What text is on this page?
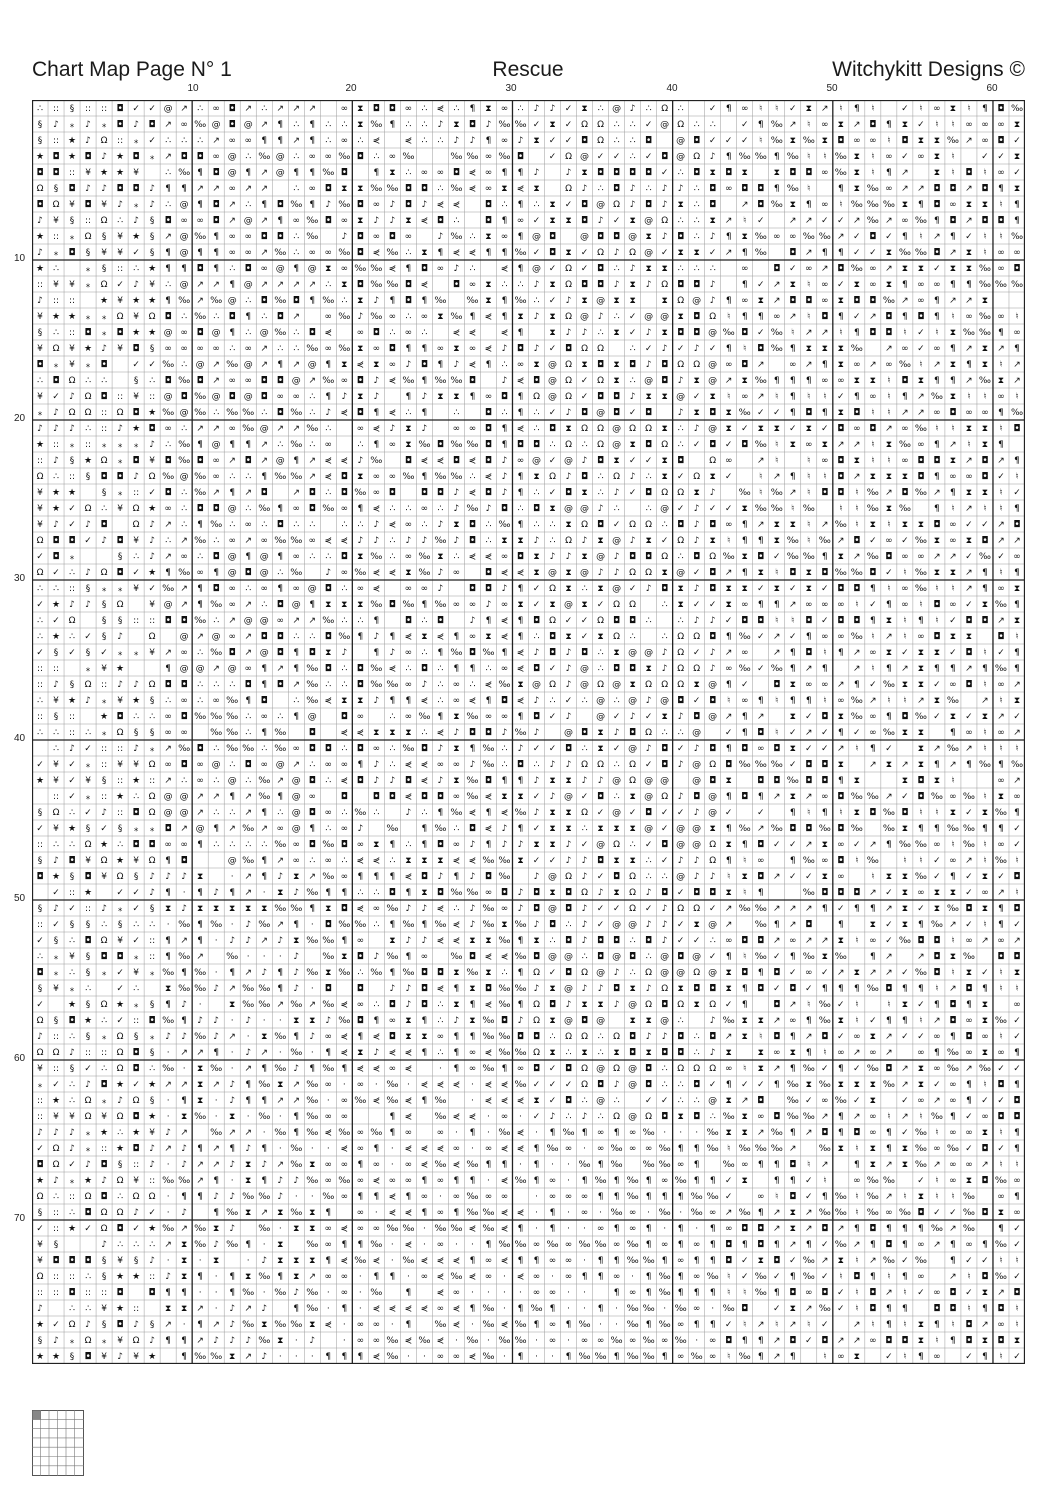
Chart Map Page N° 1	Rescue	Witchykitt Designs ©
10	20	30	40	50	60
10
20
30
40
50
60
70
∴ :: § :: :: ◘ ✓ ✓ @ ↗ ∴ ∞ ◘ ↗ ∴ ↗ ↗ ↗	∞ ⧗ ◘ ◘ ∞ ∴ ⋞ ∴ ¶ ⧗ ∞ ∴ ♪ ♪ ✓ ⧗ ∴ @ ♪ ∴ Ω ∴	✓ ¶ ∞ ♮ ♮ ✓ ⧗ ↗ ♮ ¶ ♮	✓ ♮ ∞ ⧗ ♮ ¶ ◘ ‰
§ ♪ ⁎ ♪ ⁎ ◘ ♪ ◘ ↗ ∞ ‰ @ ◘ @ ↗ ¶ ∴ ¶ ∴ ∴ ⧗ ‰ ¶ ∴ ∴ ♪ ⧗ ◘ ♪ ‰ ‰ ✓ ⧗ ✓ Ω Ω ∴ ∴ ✓ @ Ω ∴ ∴	✓ ¶ ‰ ↗ ♮ ∞ ⧗ ↗ ◘ ¶ ⧗ ✓ ♮ ♮ ∞ ∞ ∞ ⧗
§ :: ★ ♪ Ω :: ⁎ ✓ ∴ ∴ ∴ ↗ ∞ ∞ ¶ ¶ ↗ ¶ ∴ ∞ ∴ ⋞	⋞ ∴ ∴ ♪ ♪ ¶ ∞ ♪ ⧗ ✓ ✓ ◘ Ω ∴ ∴ ◘	@ ◘ ✓ ✓ ✓ ♮ ‰ ⧗ ‰ ⧗ ◘ ∞ ∞ ♮ ◘ ⧗ ⧗ ‰ ↗ ∞ ◘ ✓
★ ◘ ★ ◘ ♪ ★ ◘ ⁎ ↗ ◘ ◘ ∞ @ ∴ ‰ @ ∴ ∞ ∞ ‰ ◘ ∴ ∞ ‰	‰ ‰ ∞ ‰ ◘	✓ Ω @ ✓ ✓ ∴ ✓ ◘ @ Ω ♪ ¶ ‰ ‰ ¶ ‰ ♮ ♮ ‰ ⧗ ♮ ∞ ✓ ∞ ⧗ ♮	✓ ✓ ⧗
◘ ◘ :: ¥ ★ ★ ¥	∴ ‰ ¶ ◘ @ ¶ ↗ @ ¶ ¶ ‰ ◘	¶ ⧗ ∴ ∞ ∞ ◘ ⋞ ∞ ¶ ¶ ♪	♪ ⧗ ◘ ◘ ◘ ◘ ✓ ∴ ◘ ⧗ ◘ ⧗	⧗ ◘ ◘ ∞ ‰ ⧗ ♮ ¶ ↗	⧗ ♮ ◘ ♮ ∞ ✓
Ω § ◘ ♪ ♪ ◘ ◘ ♪ ¶ ¶ ↗ ↗ ∞ ↗ ↗	∴ ∞ ◘ ⧗ ⧗ ‰ ‰ ◘ ◘ ∴ ‰ ⋞ ∞ ⧗ ⋞ ⧗	Ω ♪ ∴ ◘ ♪ ∴ ♪ ♪ ∴ ◘ ∞ ◘ ◘ ¶ ‰ ♮	¶ ⧗ ‰ ∞ ↗ ↗ ◘ ◘ ↗ ◘ ¶ ⧗
◘ Ω ¥ ◘ ¥ ♪ ⁎ ♪ ∴ @ ¶ ◘ ↗ ∴ ¶ ◘ ‰ ¶ ♪ ‰ ◘ ∞ ♪ ◘ ♪ ⋞ ⋞	◘ ∴ ¶ ∴ ⧗ ✓ ◘ @ Ω ♪ ◘ ♪ ⧗ ∴ ◘	↗ ◘ ‰ ⧗ ¶ ∞ ♮ ‰ ‰ ‰ ⧗ ¶ ◘ ∞ ⧗ ⧗ ♮ ¶
♪ ¥ § :: Ω ∴ ♪ § ◘ ∞ ∞ ◘ ↗ @ ↗ ¶ ∞ ‰ ◘ ∞ ⧗ ♪ ♪ ⧗ ⋞ ◘ ∴	◘ ¶ ∞ ✓ ⧗ ⧗ ◘ ♪ ✓ ⧗ @ Ω ∴ ∴ ⧗ ↗ ♮ ✓	↗ ↗ ✓ ✓ ↗ ‰ ↗ ∞ ‰ ¶ ◘ ↗ ◘ ◘ ¶
★ :: ⁎ Ω § ¥ ★ § ↗ @ ‰ ¶ ∞ ∞ ◘ ◘ ∴ ‰	♪ ◘ ∞ ◘ ∞	♪ ‰ ∴ ⧗ ∞ ¶ @ ◘	@ ◘ ◘ @ ⧗ ♪ ◘ ∴ ♪ ¶ ⧗ ‰ ∞ ∞ ‰ ‰ ↗ ✓ ◘ ✓ ¶ ♮ ↗ ¶ ✓ ♮ ♮ ‰
♪ ⁎ ◘ § ¥ ¥ ✓ § ¶ @ ¶ ¶ ∞ ∞ ↗ ‰ ∴ ∞ ∞ ‰ ◘ ⋞ ‰ ∴ ⧗ ¶ ⋞ ⋞ ¶ ¶ ‰ ✓ ◘ ⧗ ✓ Ω ♪ Ω @ ✓ ⧗ ⧗ ✓ ↗ ¶ ‰ ◘ ↗ ¶ ¶ ✓ ✓ ⧗ ‰ ‰ ◘ ↗ ⧗ ♮ ∞ ∞
★ ∴	⁎ § :: ∴ ★ ¶ ¶ ◘ ¶ ∴ ◘ ∞ @ ¶ @ ⧗ ∞ ‰ ‰ ⋞ ¶ ◘ ∞ ♪ ∴	⋞ ¶ @ ✓ Ω ✓ ◘ ∴ ♪ ⧗ ⧗ ∴ ∴ ∴	∞	◘ ✓ ∞ ↗ ◘ ‰ ∞ ↗ ⧗ ⧗ ✓ ⧗ ⧗ ‰ ∞ ◘
:: ¥ ¥ ⁎ Ω ✓ ♪ ¥ ∴ @ ↗ ↗ ¶ @ ↗ ↗ ↗ ↗ ∴ ⧗ ◘ ‰ ‰ ◘ ⋞	◘ ∞ ⧗ ∴ ∴ ♪ ⧗ Ω ◘ ◘ ♪ ⧗ ♪ Ω ◘ ◘ ♪	¶ ✓ ↗ ⧗ ♮ ∞ ✓ ⧗ ∞ ⧗ ¶ ∞ ∞ ¶ ¶ ‰ ‰ ‰
♪ :: ::	★ ¥ ★ ★ ¶ ‰ ↗ ‰ @ ∴ ◘ ‰ ◘ ¶ ‰ ∴ ⧗ ♪ ¶ ◘ ¶ ‰ ‰ ⧗ ¶ ‰ ∴ ✓ ♪ ⧗ @ ⧗ ⧗	⧗ Ω @ ♪ ¶ ∞ ⧗ ↗ ◘ ◘ ∞ ⧗ ◘ ◘ ‰ ↗ ∞ ¶ ↗ ↗ ⧗
¥ ★ ★ ⁎ ⁎ Ω ¥ Ω ◘ ∴ ‰ ∴ ◘ ¶ ∴ ◘ ↗	∞ ‰ ♪ ‰ ∞ ∴ ∞ ⧗ ‰ ¶ ⋞ ¶ ⧗ ♪ ⧗ Ω @ ♪ ∴ ✓ @ @ ⧗ ◘ Ω ♮ ¶ ¶ ∞ ↗ ♮ ◘ ¶ ✓ ↗ ◘ ¶ ◘ ¶ ♮ ∞ ‰ ∞ ♮
§ ∴ :: ◘ ⁎ ◘ ★ ★ @ ∞ ◘ @ ¶ ∴ @ ‰ ∴ ◘ ⋞	∞ ◘ ∴ ∞ ∴	⋞ ⋞	⋞ ¶	⧗ ♪ ♪ ∴ ⧗ ✓ ♪ ⧗ ◘ ◘ @ ‰ ◘ ✓ ‰ ♮ ↗ ↗ ♮ ¶ ◘ ◘ ♮ ✓ ♮ ⧗ ‰ ‰ ¶ ∞
¥ Ω ¥ ★ ♪ ¥ ◘ § ∞ ∞ ∞ ∞ ∴ ∞ ↗ ∴ ∴ ‰ ∞ ‰ ⧗ ∞ ◘ ¶ ¶ ∞ ⧗ ∞ ⋞ ♪ ◘ ♪ ✓ ◘ Ω Ω	∴ ✓ ♪ ✓ ♪ ✓ ¶ ♮ ◘ ‰ ¶ ⧗ ⧗ ⧗ ‰ ↗ ∞ ✓ ∞ ¶ ↗ ⧗ ↗ ¶
◘ ⁎ ¥ ⁎ ◘	✓ ✓ ‰ ∴ @ ↗ ‰ @ ↗ ¶ ↗ @ ¶ ⧗ ⋞ ⧗ ∞ ♪ ◘ ¶ ♪ ⋞ ¶ ∴ ∞ ⧗ @ Ω ⧗ ◘ ⧗ ◘ ♪ ◘ Ω Ω @ ∞ ◘ ↗	∞ ↗ ¶ ⧗ ∞ ↗ ∞ ‰ ♮ ↗ ⧗ ¶ ⧗ ♮ ↗
∴ ◘ Ω ∴ ∴	§ ∴ ◘ ‰ ◘ ↗ ∞ ∞ ◘ ◘ @ ↗ ‰ ∞ ◘ ♪ ⋞ ‰ ¶ ‰ ‰ ◘	♪ ⋞ ◘ @ Ω ✓ Ω ⧗ ∴ @ ◘ ♪ ⧗ @ ↗ ⧗ ‰ ¶ ¶ ¶ ∞ ∞ ⧗ ⧗ ♮ ◘ ⧗ ¶ ¶ ↗ ‰ ⧗ ↗
¥ ✓ ♪ Ω ◘ :: ¥ :: @ ◘ ‰ @ ◘ @ ◘ ∞ ∞ ∴ ¶ ♪ ⧗ ♪	¶ ♪ ⧗ ⧗ ¶ ∞ ◘ ¶ Ω @ Ω ✓ ◘ ◘ ♪ ⧗ ⧗ @ ✓ ⧗ ♮ ∞ ↗ ♮ ¶ ♮ ♮ ✓ ¶ ∞ ♮ ¶ ↗ ‰ ⧗ ♮ ♮ ∞ ♮
⁎ ♪ Ω Ω :: Ω ◘ ★ ‰ @ ‰ ∴ ‰ ‰ ∴ ◘ ‰ ∴ ♪ ⋞ ◘ ¶ ⋞ ∴ ¶	∴	◘ ∴ ¶ ∴ ✓ ♪ ◘ @ ◘ ✓ ◘	♪ ⧗ ◘ ⧗ ‰ ✓ ✓ ¶ ◘ ¶ ⧗ ◘ ♮ ♮ ↗ ↗ ∞ ◘ ∞ ∞ ¶ ‰
♪ ♪ ♪ ∴ :: ♪ ★ ◘ ∞ ∴ ↗ ↗ ∞ ‰ @ ↗ ↗ ‰ ∴	∞ ⋞ ♪ ⧗ ♪	∞ ∞ ◘ ¶ ⋞ ∴ ◘ ⧗ Ω Ω @ Ω Ω ⧗ ∴ ♪ @ ⧗ ✓ ⧗ ⧗ ✓ ⧗ ✓ ◘ ∞ ◘ ↗ ∞ ‰ ♮ ♮ ⧗ ⧗ ♮ ◘
★ :: ⁎ :: ⁎ ⁎ ⁎ ♪ ∴ ‰ ¶ @ ¶ ¶ ↗ ∴ ‰ ∴ ∞	∴ ¶ ∞ ⧗ ‰ ◘ ‰ ‰ ◘ ¶ ◘ ◘ ∴ Ω ∴ Ω @ ⧗ ◘ Ω ∴ ✓ ◘ ✓ ◘ ‰ ♮ ⧗ ∞ ⧗ ↗ ↗ ♮ ⧗ ‰ ∞ ¶ ↗ ♮ ⧗ ¶
:: ♪ § ★ Ω ⁎ ◘ ¥ ◘ ‰ ◘ ∞ ↗ ◘ ↗ @ ¶ ↗ ⋞ ⋞ ♪ ‰ ◘ ⋞ ⋞ ◘ ⋞ ◘ ♪ ∞ @ ✓ @ ♪ ◘ ⧗ ✓ ✓ ⧗ ◘	Ω ∞	↗ ♮	♮ ∞ ◘ ⧗ ♮ ♮ ∞ ◘ ◘ ⧗ ↗ ◘ ↗ ¶
Ω ∴ :: § ◘ ◘ ♪ Ω ‰ @ ‰ ∞ ∴ ∴ ¶ ‰ ‰ ↗ ⋞ ◘ ⧗ ∞ ∞ ‰ ¶ ‰ ‰ ∴ ⋞ ♪ ¶ ⧗ Ω ♪ ◘ ∴ Ω ♪ ∴ ⧗ ✓ Ω ⧗ ✓	♮ ↗ ¶ ♮ ♮ ◘ ↗ ⧗ ⧗ ⧗ ◘ ¶ ∞ ∞ ◘ ✓ ♮
¥ ★ ★	§ ⁎ :: ✓ ◘ ∴ ‰ ↗ ¶ ↗ ◘	↗ ◘ ∴ ◘ ‰ ∞ ◘	◘ ◘ ♪ ⋞ ◘ ♪ ¶ ∴ ✓ ◘ ⧗ ∴ ♪ ✓ ◘ Ω Ω ⧗ ♪	‰ ♮ ‰ ↗ ♮ ◘ ◘ ♮ ‰ ↗ ◘ ‰ ↗ ¶ ⧗ ⧗ ♮ ✓
¥ ★ ✓ Ω ∴ ¥ Ω ★ ∞ ∴ ◘ ◘ @ ∴ ‰ ¶ ∞ ◘ ‰ ∞ ¶ ⋞ ∴ ∴ ∞ ∴ ♪ ‰ ♪ ◘ ∴ ◘ ⧗ @ @ ♪ ∴	∴ @ ✓ ♪ ✓ ✓ ⧗ ‰ ‰ ♮ ‰	♮ ♮ ‰ ⧗ ‰	¶ ♮ ↗ ♮ ♮ ¶
¥ ♪ ✓ ♪ ◘	Ω ♪ ↗ ∴ ¶ ‰ ∴ ∞ ∴ ◘ ∴ ∴	∴ ∴ ♪ ⋞ ∞ ∴ ♪ ⧗ ◘ ∴ ‰ ¶ ∴ ∴ ⧗ Ω ◘ ✓ Ω Ω ∴ ◘ ♪ ◘ ∞ ¶ ↗ ⧗ ⧗ ♮ ↗ ‰ ♮ ⧗ ♮ ⧗ ⧗ ◘ ∞ ✓ ✓ ↗ ◘
Ω ◘ ◘ ✓ ♪ ◘ ¥ ♪ ∴ ↗ ‰ ∴ ∞ ↗ ∞ ‰ ‰ ∞ ⋞ ⋞ ♪ ♪ ∴ ♪ ♪ ‰ ♪ ◘ ∴ ⧗ ⧗ ♪ ∴ Ω ♪ ⧗ @ ♪ ⧗ ✓ Ω ♪ ⧗ ♮ ¶ ¶ ⧗ ‰ ♮ ‰ ↗ ◘ ✓ ∞ ✓ ‰ ⧗ ∞ ⧗ ◘ ↗ ↗
✓ ◘ ⁎	§ ∴ ♪ ↗ ∞ ∴ ◘ @ ¶ @ ¶ ∞ ∴ ∴ ◘ ⧗ ‰ ∴ ∞ ‰ ⧗ ∴ ⋞ ⋞ ∞ ◘ ⧗ ♪ ♪ ⧗ @ ♪ ◘ ◘ Ω ∴ ◘ Ω ‰ ⧗ ◘ ✓ ‰ ‰ ¶ ⧗ ↗ ‰ ◘ ∞ ∞ ↗ ↗ ✓ ‰ ✓ ∞
Ω ✓ ∴ ♪ Ω ◘ ✓ ★ ¶ ‰ ∞ ¶ @ ◘ @ ∴ ‰	♪ ∞ ‰ ⋞ ⋞ ⧗ ‰ ♪ ∞	◘ ⋞ ⋞ ⧗ @ ⧗ @ ♪ ♪ Ω Ω ⧗ @ ✓ ◘ ↗ ¶ ⧗ ♮ ◘ ⧗ ◘ ‰ ‰ ◘ ✓ ♮ ‰ ⧗ ⧗ ↗ ¶ ♮ ¶
∴ ∴ :: § ⁎ ⁎ ¥ ✓ ‰ ↗ ¶ ◘ ∞ ∴ ∞ ¶ ∞ @ ◘ ∴ ∞ ⋞	∞ ∞ ♪	◘ ◘ ♪ ¶ ✓ Ω ⧗ ∴ ⧗ @ ✓ ♪ ◘ ⧗ ♪ ◘ ⧗ ⧗ ✓ ⧗ ✓ ⧗ ✓ ◘ ◘ ¶ ♮ ∞ ‰ ♮ ♮ ↗ ¶ ∞ ⧗
✓ ★ ♪ ♪ § Ω	¥ @ ↗ ¶ ‰ ∞ ↗ ∴ ◘ @ ¶ ⧗ ⧗ ⧗ ‰ ◘ ‰ ¶ ‰ ∞ ∞ ♪ ∞ ⧗ ✓ ⧗ @ ⧗ ✓ Ω Ω	∴ ⧗ ✓ ✓ ⧗ ∞ ¶ ¶ ↗ ∞ ∞ ∞ ♮ ✓ ¶ ∞ ♮ ◘ ∞ ✓ ⧗ ‰ ¶
∴ ✓ Ω	§ § :: :: ◘ ◘ ‰ ∴ ↗ @ @ ∞ ↗ ↗ ‰ ∴ ∴ ¶	◘ ∴ ◘	♪ ¶ ⋞ ¶ ◘ Ω ✓ ✓ Ω ◘ ◘ ∴	∴ ♪ ♪ ✓ ◘ ◘ ♮ ♮ ◘ ✓ ◘ ◘ ¶ ⧗ ♮ ¶ ♮ ✓ ◘ ◘ ↗ ⧗
∴ ★ ∴ ✓ § ♪	Ω	@ ↗ @ ∞ ↗ ◘ ◘ ∴ ∴ ◘ ‰ ¶ ♪ ¶ ⋞ ⧗ ⋞ ¶ ∞ ⧗ ⋞ ¶ ∴ ◘ ⧗ ✓ ⧗ Ω ∴	∴ Ω Ω ◘ ¶ ‰ ✓ ↗ ✓ ¶ ∞ ∞ ‰ ♮ ↗ ♮ ∞ ◘ ⧗ ⧗	◘ ♮
✓ § ✓ § ✓ ⁎ ⁎ ¥ ↗ ∞ ∴ ‰ ◘ ↗ @ ◘ ¶ ◘ ⧗ ♪	¶ ♪ ∞ ∴ ¶ ‰ ◘ ‰ ¶ ⋞ ♪ ◘ ♪ ◘ ∴ ⧗ @ @ ♪ Ω ✓ ♪ ↗ ∞	↗ ¶ ◘ ♮ ¶ ↗ ∞ ⧗ ✓ ⧗ ⧗ ✓ ◘ ♮ ✓ ¶
:: ::	⁎ ¥ ★	¶ @ @ ↗ @ ∞ ¶ ↗ ¶ ‰ ◘ ∴ ◘ ‰ ⋞ ∴ ◘ ∴ ¶ ¶ ∴ ∞ ⋞ ◘ ✓ ♪ @ ∴ ◘ ◘ ⧗ ♪ Ω Ω ♪ ∞ ‰ ✓ ‰ ¶ ↗ ¶	↗ ♮ ¶ ↗ ⧗ ¶ ¶ ↗ ¶ ‰ ¶
:: ♪ § Ω :: ♪ ♪ Ω ◘ ◘ ∴ ∴ ∴ ◘ ¶ ◘ ↗ ‰ ∴ ∴ ◘ ‰ ‰ ∞ ♪ ∴ ∞ ∴ ⋞ ‰ ⧗ @ Ω ♪ @ Ω @ ⧗ Ω Ω Ω ⧗ @ ¶ ✓	◘ ⧗ ∞ ∞ ↗ ¶ ✓ ‰ ⧗ ⧗ ✓ ∞ ◘ ♮ ∞ ↗
∴ ¥ ★ ♪ ⁎ ¥ ★ § ∴ ∞ ∴ ∞ ‰ ¶ ◘	∴ ‰ ⋞ ⧗ ⧗ ♪ ¶ ¶ ⋞ ∴ ∞ ⋞ ¶ ◘ ⋞ ♪ ∴ ✓ ∴ @ ∴ @ ♪ @ ◘ ✓ ◘ ♮ ∞ ¶ ♮ ¶ ¶ ♮ ∞ ‰ ↗ ♮ ♮ ↗ ⧗ ‰ ↗ ♮ ⧗
:: § ::	★ ◘ ∴ ∴ ∞ ◘ ‰ ‰ ‰ ∴ ∞ ∴ ¶ @	◘ ∞	∴ ∞ ‰ ¶ ⧗ ‰ ∞ ∞ ¶ ◘ ✓ ♪	@ ✓ ♪ ✓ ⧗ ♪ ◘ @ ↗ ¶ ↗	⧗ ✓ ◘ ⧗ ‰ ∞ ¶ ◘ ‰ ✓ ⧗ ✓ ⧗ ↗ ✓
∴ ∴ :: ∴ ⁎ Ω § § ∞ ∞ ‰ ‰ ∴ ¶ ‰ ◘	⋞ ⋞ ⧗ ⧗ ⧗ ∴ ⋞ ♪ ◘ ◘ ♪ ‰ ♪	@ ◘ ⧗ ♪ ◘ Ω ∴ ∴ @	✓ ¶ ◘ ♮ ✓ ↗ ✓ ¶ ✓ ∞ ‰ ⧗ ⧗	¶ ∞ ♮ ∞ ↗
∴ ♪ ✓ :: :: ♪ ⁎ ↗ ‰ ◘ ∴ ‰ ‰ ∴ ‰ ∞ ◘ ◘ ∴ ◘ ∞ ∴ ‰ ◘ ♪ ⧗ ¶ ‰ ∴ ♪ ✓ ✓ ◘ ∴ ⧗ ✓ @ ♪ ◘ ✓ ♪ ◘ ¶ ◘ ∞ ◘ ⧗ ✓ ✓ ↗ ♮ ¶ ✓	⧗ ↗ ‰ ↗ ♮ ♮ ♮
✓ ¥ ✓ ⁎ :: ¥ ¥ Ω ∞ ◘ ∞ @ ∴ ◘ ∞ @ ↗ ∴ ∞ ∞ ¶ ♪ ∴ ⋞ ⋞ ∞ ∞ ♪ ‰ ∴ ◘ ∴ ♪ ♪ Ω Ω ∴ Ω ✓ ◘ ♪ @ Ω ◘ ‰ ‰ ‰ ✓ ◘ ◘ ⧗	↗ ⧗ ↗ ⧗ ¶ ↗ ¶ ‰ ¶ ‰
★ ¥ ✓ ¥ § :: ★ :: ↗ ∴ ∞ ∴ @ ∴ ‰ ↗ @ ◘ ∴ ⋞ ◘ ♪ ♪ ◘ ⋞ ♪ ⧗ ‰ ◘ ¶ ¶ ♪ ⧗ ⧗ ♪ ♪ @ Ω @ @	@ ◘ ⧗	◘ ◘ ‰ ◘ ◘ ¶ ⧗	⧗ ◘ ⧗ ♮	∞ ↗
:: ✓ ⁎ :: ★ ∴ Ω @ @ ↗ ↗ ¶ ↗ ‰ ¶ @ ∞	◘	◘ ◘ ⋞ ◘ ◘ ∞ ‰ ⋞ ⧗ ⧗ ✓ ♪ @ ✓ ◘ ∴ ⧗ @ Ω ♪ ◘ @ ¶ ◘ ¶ ↗ ⧗ ↗ ∞ ◘ ‰ ‰ ↗ ✓ ◘ ‰ ∞ ‰ ♮ ⧗ ∞
§ Ω ∴ ✓ ♪ :: ◘ Ω @ @ ↗ ∴ ∴ ↗ ¶ ∴ @ ◘ ∞ ∴ ‰ ∴	♪ ∴ ¶ ‰ ⋞ ¶ ⋞ ‰ ♪ ⧗ ⧗ Ω ✓ @ ✓ ◘ ✓ ✓ ♪ @ ✓	✓	¶ ♮ ¶ ♮ ⧗ ◘ ‰ ◘ ♮ ♮ ⧗ ✓ ⧗ ‰ ¶
✓ ¥ ★ § ✓ § ⁎ ⁎ ◘ ↗ @ ¶ ↗ ‰ ↗ ∞ @ ¶ ∴ ∞ ♪	‰	¶ ‰ ∴ ◘ ⋞ ♪ ¶ ✓ ⧗ ⧗ ∴ ⧗ ⧗ ⧗ @ ✓ @ @ ⧗ ¶ ‰ ↗ ‰ ◘ ◘ ‰ ◘ ‰ ‰ ⧗ ¶ ¶ ‰ ‰ ¶ ¶ ✓
:: ∴ ∴ Ω ★ ∴ ◘ ◘ ∞ ∞ ¶ ∴ ∴ ∴ ∴ ‰ ∞ ◘ ‰ ◘ ∞ ⧗ ¶ ∴ ¶ ◘ ∞ ♪ ¶ ♪ ♪ ⧗ ⧗ ♪ ✓ @ Ω ∴ ✓ ◘ @ @ Ω ⧗ ¶ ◘ ✓ ✓ ↗ ⧗ ∞ ✓ ↗ ¶ ‰ ‰ ∞ ♮ ‰ ♮ ∞ ✓
§ ♪ ◘ ¥ Ω ★ ¥ Ω ¶ ◘	@ ‰ ¶ ↗ ∞ ∴ ∞ ∴ ⋞ ⋞ ∴ ⧗ ⧗ ⧗ ⋞ ⋞ ‰ ‰ ⧗ ✓ ✓ ♪ ♪ ◘ ⧗ ⧗ ∴ ✓ ♪ ♪ Ω ¶ ♮ ∞	¶ ‰ ∞ ◘ ♮ ‰	♮ ♮ ✓ ∞ ↗ ♮ ‰ ♮
◘ ★ § ◘ ¥ Ω § ♪ ♪ ♪ ⧗	· ↗ ¶ ♪ ⧗ ↗ ‰ ∞ ¶ ¶ ¶ ⋞ ◘ ♪ ¶ ♪ ◘ ‰	♪ @ Ω ♪ ✓ ◘ Ω ∴ ∴ @ ♪ ♪ ♮ ⧗ ◘ ↗ ✓ ✓ ⧗ ∞	♮ ⧗ ⧗ ‰ ✓ ¶ ✓ ⧗ ✓ ◘
✓ :: ★	✓ ✓ ♪ ¶ · ¶ ♪ ¶ ↗ · ⧗ ♪ ‰ ¶ ¶ ∴ ∴ ◘ ¶ ⧗ ◘ ‰ ‰ ∞ ◘ ♪ ◘ ⧗ ◘ Ω ♪ ⧗ Ω ♪ ◘ ✓ ◘ ◘ ⧗ ♮ ¶	‰ ◘ ◘ ◘ ↗ ✓ ⧗ ∞ ⧗ ⧗ ✓ ∞ ↗ ♮
§ ♪ ✓ :: ♪ ⁎ ✓ § ⧗ ♪ ⧗ ⧗ ⧗ ⧗ ⧗ ‰ ‰ ¶ ⧗ ◘ ⋞ ∞ ‰ ♪ ♪ ⋞ ∴ ♪ ‰ ∞ ♪ ◘ @ ◘ ♪ ✓ ✓ Ω ✓ ♪ Ω Ω ✓ ↗ ‰ ‰ ↗ ↗ ↗ ¶ ✓ ¶ ¶ ↗ ⧗ ✓ ⧗ ‰ ◘ ⧗ ¶ ◘
:: ✓ § § ∴ § ∴ ∴ · ‰ ¶ ‰ · ♪ ‰ ↗ ¶ · ◘ ‰ ‰ ∴ ¶ ‰ ¶ ‰ ⋞ ♪ ‰ ⧗ ‰ ♪ ◘ ∴ ♪ ✓ @ @ ♪ ♪ ✓ ⧗ @ ↗ ‰ ¶ ↗ ◘	¶	⧗ ✓ ⧗ ¶ ‰ ↗ ✓ ♮ ¶ ✓
✓ § ∴ ◘ Ω ¥ ✓ :: ¶ ↗ ¶ · ♪ ♪ ↗ ♪ ⧗ ‰ ‰ ¶ ∞	⧗ ♪ ♪ ⋞ ⋞ ⧗ ⧗ ‰ ¶ ⧗ ∴ ◘ ♪ ◘ ◘ ∴ ◘ ♪ ✓ ✓ ∴ ∞ ◘ ◘ ↗ ∞ ↗ ↗ ⧗ ♮ ∞ ✓ ‰ ◘ ◘ ♮ ∞ ↗ ∞ ↗
∴ ⁎ ¥ § ◘ ◘ ⁎ :: ¶ ‰ ↗ ‰ · · · ♪	‰ ⧗ ◘ ♪ ‰ ¶ ∞ ‰ ◘ ⋞ ⋞ ‰ ◘ @ @ ∴ ◘ @ ◘ ∴ @ ◘ @ ✓ ¶ ♮ ‰ ✓ ¶ ‰ ⧗ ‰	¶ ↗	↗ ◘ ⧗ ‰ ◘ ◘
◘ ⁎ ∴ § ⁎ ✓ ¥ ⁎ ‰ ¶ ‰ · ¶ ↗ ♪ ¶ ♪ ‰ ⧗ ‰ ∴ ‰ ¶ ‰ ◘ ◘ ⧗ ‰ ⧗ ∴ ¶ Ω ✓ ◘ Ω @ ♪ ∴ Ω @ @ Ω @ ⧗ ◘ ¶ ◘ ✓ ∞ ✓ ↗ ⧗ ↗ ↗ ✓ ‰ ◘ ♮ ⧗ ✓ ♮ ⧗
§ ¥ ⁎ ∴	✓ ∴	⧗ ‰ ‰ ♪ ↗ ‰ ‰ ¶ ♪ · ◘	◘	♪ ♪ ◘ ⋞ ¶ ⧗ ◘ ‰ ‰ ♪ ⧗ @ ♪ ♪ ◘ ⧗ ♪ Ω ⧗ ◘ ◘ ⧗ ¶ ◘ ✓ ◘ ✓ ¶ ¶ ¶ ‰ ◘ ¶ ¶ ♮ ↗ ◘ ¶ ♮ ♮
✓	★ § Ω ★ ⁎ § ¶ ♪ ·	⧗ ‰ ‰ ↗ ‰ ↗ ‰ ⋞ ∞ ∴ ◘ ♪ ◘ ∴ ⧗ ¶ ⋞ ‰ ¶ Ω ◘ ♪ ⧗ ⧗ ♪ @ Ω ◘ Ω ⧗ Ω ✓ ¶	◘ ↗ ♮ ‰ ✓ ♮	♮ ⧗ ✓ ¶ ◘ ¶ ⧗	∞
Ω § ◘ ★ ∴ ✓ :: ◘ ‰ ¶ ♪ ♪ · ♪ · · ⧗ ⧗ ♪ ‰ ◘ ¶ ∞ ⧗ ¶ ∴ ♪ ⧗ ‰ ◘ ♪ Ω ⧗ @ ◘ @	⧗ ⧗ @ ∴	♪ ‰ ⧗ ⧗ ↗ ∞ ¶ ‰ ⧗ ♮ ✓ ¶ ¶ ♮ ↗ ◘ ∞ ⧗ ‰ ✓
♪ :: ∴ § ⁎ Ω § ⁎ ♪ ♪ ‰ ♪ ↗ · ⧗ ‰ ¶ ♪ ∞ ⋞ ¶ ⋞ ◘ ⧗ ⧗ ∞ ¶ ¶ ‰ ‰ ◘ ◘ ∴ Ω Ω ∴ Ω ◘ ♪ ♪ ◘ ∴ ◘ ↗ ⧗ ♮ ◘ ¶ ↗ ◘ ✓ ∞ ⧗ ↗ ✓ ✓ ∞ ¶ ◘ ∞ ♮ ✓
Ω Ω ♪ :: :: Ω ◘ § · ↗ ↗ ¶ · ♪ ↗ · ‰ · ¶ ⋞ ⧗ ♪ ⋞ ⋞ ¶ ∴ ¶ ∞ ⋞ ‰ ‰ Ω ⧗ ∴ ⧗ ∴ ⧗ ◘ ⧗ ◘ ◘ ∴ ♪ ⧗	⧗ ∞ ⧗ ¶ ♮ ∞ ↗ ∞ ↗	∞ ¶ ‰ ∞ ⧗ ∞ ¶
¥ :: § ✓ ∴ Ω ◘ ∴ ‰ · ⧗ ‰ · ↗ ¶ ‰ ♪ ¶ ‰ ¶ ⋞ ⋞ ∞ ⋞	· ¶ ∞ ‰ ¶ ∞ ◘ ✓ ◘ Ω @ Ω @ ◘ ∴ Ω Ω Ω ∞ ♮ ⧗ ↗ ¶ ‰ ✓ ¶ ✓ ‰ ◘ ↗ ⧗ ∞ ‰ ↗ ‰ ✓ ✓
⁎ ✓ ∴ ♪ ◘ ★ ✓ ★ ↗ ↗ ⧗ ↗ ♪ ¶ ‰ ⧗ ↗ ‰ ∞ · ∞ · ‰ · ⋞ ⋞ ⋞ · ⋞ ⋞ ‰ ✓ ✓ ✓ Ω ◘ ♪ @ ◘ ∴ ∴ ◘ ✓ ¶ ✓ ✓ ¶ ‰ ⧗ ‰ ⧗ ⧗ ⧗ ‰ ↗ ⧗ ✓ ∞ ¶ ♮ ◘ ¶
:: ★ ∴ Ω ⁎ ♪ Ω § · ¶ ⧗ · ♪ ¶ ¶ ↗ ↗ ‰ · ∞ ‰ ⋞ ‰ ⋞ ¶ ‰	· ⋞ ⋞ ⋞ ⧗ ✓ ◘ ∴ @ ∴	✓ ✓ ∴ ∴ @ ⧗ ↗ ◘ ‰ ✓ ∞ ‰ ✓ ⧗	✓ ∞ ↗ ∞ ¶ ✓ ✓ ◘
:: ¥ ¥ Ω ¥ Ω ◘ ★ · ⧗ ‰ · ⧗ · ‰ · ¶ ‰ ∞ ∞	¶ ⋞ ‰ ⋞ ⋞ · ∞ · ✓ ♪ ∴ ♪ ∴ Ω @ Ω ◘ ⧗ ◘ ∴ ‰ ⧗ ∞ ◘ ‰ ‰ ↗ ¶ ↗ ∞ ♮ ↗ ♮ ‰ ¶ ✓ ∞ ◘ ◘
♪ ♪ ♪ ⁎ ★ ∴ ★ ¥ ♪ ↗ ‰ ↗ ↗ · ‰ ¶ ‰ ⋞ ‰ ∞ ‰ ¶ ∞	∞ · ¶ · ‰ ⋞ · ¶ ‰ ¶ ∞ ¶ ∞ ‰ · · · ‰ ⧗ ⧗ ↗ ‰ ¶ ↗ ◘ ¶ ◘ ∞ ¶ ✓ ‰ ♮ ∞ ∞ ⧗ ♮ ¶
✓ Ω ♪ ⁎ :: ★ ◘ ♪ ↗ ♪ ¶ ↗ ¶ ♪ ¶ · ‰ · · ⋞ ∞ ¶ · ⋞ ⋞ ⋞ ∞ · ∞ ⋞ ⋞ ¶ ‰ ∞ · ∞ ‰ ∞ ∞ ‰ ¶ ¶ ‰ ♮ ‰ ‰ ‰ ↗ ‰ ⧗ ♮ ⧗ ¶ ⧗ ‰ ∞ ‰ ✓ ◘ ✓ ¶
◘ Ω ✓ ♪ ◘ § :: ♪ · ♪ ↗ ↗ ♪ ⧗ ♪ ↗ ‰ ⧗ ∞ ∞ ¶ ∞ · ∞ ⋞ ‰ ⋞ ‰ ¶ ¶ · ¶ · · ‰ ¶ ‰ ‰ ‰ ∞ ¶	‰ ∞ ¶ ¶ ◘ ♮ ↗	¶ ⧗ ↗ ⧗ ‰ ↗ ∞ ∞ ↗ ♮ ♮
★ ♪ ⁎ ★ ♪ Ω ¥ :: ‰ ‰ ↗ ¶ · ⧗ ¶ ♪ ♪ ‰ ∞ ‰ ∞ ⋞ ∞ ∞ ¶ ∞ ¶ ¶ · ⋞ ‰ ¶ ∞ · ¶ ‰ ¶ ‰ ¶ ∞ ‰ ¶ ¶ ✓ ⧗	¶ ¶ ✓ ♮	∞ ‰ ‰ ✓ ♮ ∞ ⧗ ◘ ‰ ∞
Ω ∴ :: Ω ◘ ∴ Ω Ω · ¶ ¶ ♪ ♪ ‰ ‰ ♪ · · ‰ ∞ ¶ ¶ ⋞ ¶ ∞ · ∞ ‰ ∞ ∞	· ∞ ∞ ∞ ¶ ¶ ‰ ¶ ¶ ¶ ‰ ‰ ✓	∞ ♮ ◘ ✓ ¶ ‰ ♮ ‰ ↗ ♮ ⧗ ♮ ♮ ‰ ∞ ¶
§ :: ∴ ◘ Ω Ω ♪ ✓ · ♪	¶ ‰ ⧗ ↗ ⧗ ‰ ⧗ ¶	∞ · ⋞ ⋞ ¶ ∞ ¶ ‰ ‰ ⋞ ⋞ · ¶ · ∞ · ‰ ∞ · ‰ · ‰ ∞ ↗ ‰ ¶ ↗ ⧗ ↗ ‰ ‰ ♮ ‰ ∞ ‰ ◘ ✓ ✓ ‰ ◘ ⧗ ∞
✓ :: ★ ✓ Ω ◘ ✓ ★ ‰ ↗ ‰ ⧗ ♪	‰ · ⧗ ⧗ ∞ ⋞ ∞ ∞ ‰ ‰ · ‰ ‰ ⋞ ‰ ⋞ ¶ · ¶ · · ∞ ¶ ∞ ¶ · ¶ · ¶ ∞ ◘ ◘ ↗ ⧗ ↗ ◘ ↗ ¶ ◘ ¶ ¶ ¶ ‰ ↗ ‰	¶ ✓
¥ §	♪ ∴ ∴ ∴ ↗ ⧗ ‰ ♪ ‰ ¶ · ⧗	‰ ∞ ¶ ¶ ‰ · ⋞ · ∞ · · ¶ ‰ ‰ ∞ ‰ ∞ ‰ ‰ ∞ ‰ ¶ ∞ ¶ ∞ ¶ ◘ ¶ ◘ ¶ ↗ ¶ ✓ ‰ ↗ ¶ ◘ ¶ ∞ ↗ ¶ ∞ ¶ ‰ ✓
¥ ◘ ◘ ◘ § ¥ § ♪ · ⧗ · ⧗	· ♪ ⧗ ⧗ ⧗ ¶ ⋞ ‰ ⋞ · ‰ ⋞ ⋞ ⋞ ¶ ∞ ⋞ ¶ ¶ ∞ ∞ · ¶ ¶ ‰ ‰ ¶ ∞ ¶ ¶ ◘ ✓ ⧗ ◘ ✓ ‰ ↗ ⧗ ♮ ↗ ‰ ✓ ‰	¶ ✓ ✓ ♮ ♮
Ω :: :: ∴ § ★ ★ :: ♪ ⧗ ¶ · ¶ ⧗ ‰ ¶ ⧗ ↗ ∞ ∞ · ¶ ¶ · ∞ ⋞ ‰ ⋞ ∞ · ⋞ ∞ · ∞ ¶ ¶ ∞ · ¶ ‰ ¶ ∞ ‰ ♮ ✓ ‰ ✓ ¶ ‰ ✓ ♮ ◘ ¶ ♮ ¶ ∞	↗ ♮ ◘ ‰ ✓
:: :: ◘ :: :: ◘	◘ ¶ ¶ · · ¶ ‰ · ‰ ♪ ‰ · ∞ · ‰	¶	⋞ ∞ · · · · ∞ ∞ · ·	¶ ∞ ¶ ‰ ¶ ¶ ¶ ♮ ♮ ‰ ¶ ◘ ∞ ◘ ✓ ♮ ◘ ↗ ♮ ✓ ∞ ◘ ✓ ⧗ ↗ ◘
♪	∴ ∴ ¥ ★ ::	⧗ ⧗ ↗ · ♪ ↗ ♪	¶ ‰ · ¶ · ⋞ ⋞ ⋞ ⋞ ∞ ⋞ ¶ ‰ · ¶ ‰ ¶ · · ¶ · ‰ ‰ · ‰ ∞ · ‰ ◘	✓ ⧗ ↗ ‰ ✓ ♮ ◘ ¶ ¶	◘ ◘ ♮ ¶ ◘ ♮
★ ✓ Ω ♪ § ◘ ♪ § ↗ · ¶ ↗ ♪ ‰ ⧗ ‰ ‰ ⧗ ⋞ · ∞ ∞ · ¶	‰ ⋞ · ‰ ⋞ ‰ ¶ ∞ ¶ ‰ · · ‰ ¶ ‰ ∞ ¶ ¶ ✓ ♮ ↗ ♮ ↗ ♮ ✓	↗ ♮ ¶ ♮ ⧗ ¶ ♮ ◘ ↗ ∞ ♮
§ ♪ ⁎ Ω ⁎ ¥ Ω ♪ ¶ ¶ ↗ ♪ ♪ ♪ ‰ ⧗ · ♪	· ∞ ∞ ‰ ⋞ ‰ ⋞ · ‰ · ‰ ‰ · ∞ · ∞ ∞ ‰ ∞ ‰ ∞ ‰ · ∞ ◘ ¶ ¶ ↗ ◘ ✓ ◘ ↗ ↗ ∞ ◘ ◘ ⧗ ♮ ¶ ◘ ⧗ ◘ ⧗
★ ★ § ◘ ¥ ♪ ¥ ★	¶ ‰ ‰ ⧗ ↗ ♪ · · · ¶ ¶ ¶ ⋞ ‰ · · ∞ ∞ ⋞ ‰ · ¶ · · ¶ ‰ ‰ ¶ ‰ ‰ ¶ ∞ ‰ ∞ ♮ ‰ ¶ ↗ ¶	♮ ∞ ⧗	✓ ♮ ¶ ∞	✓ ¶ ♮ ✓
